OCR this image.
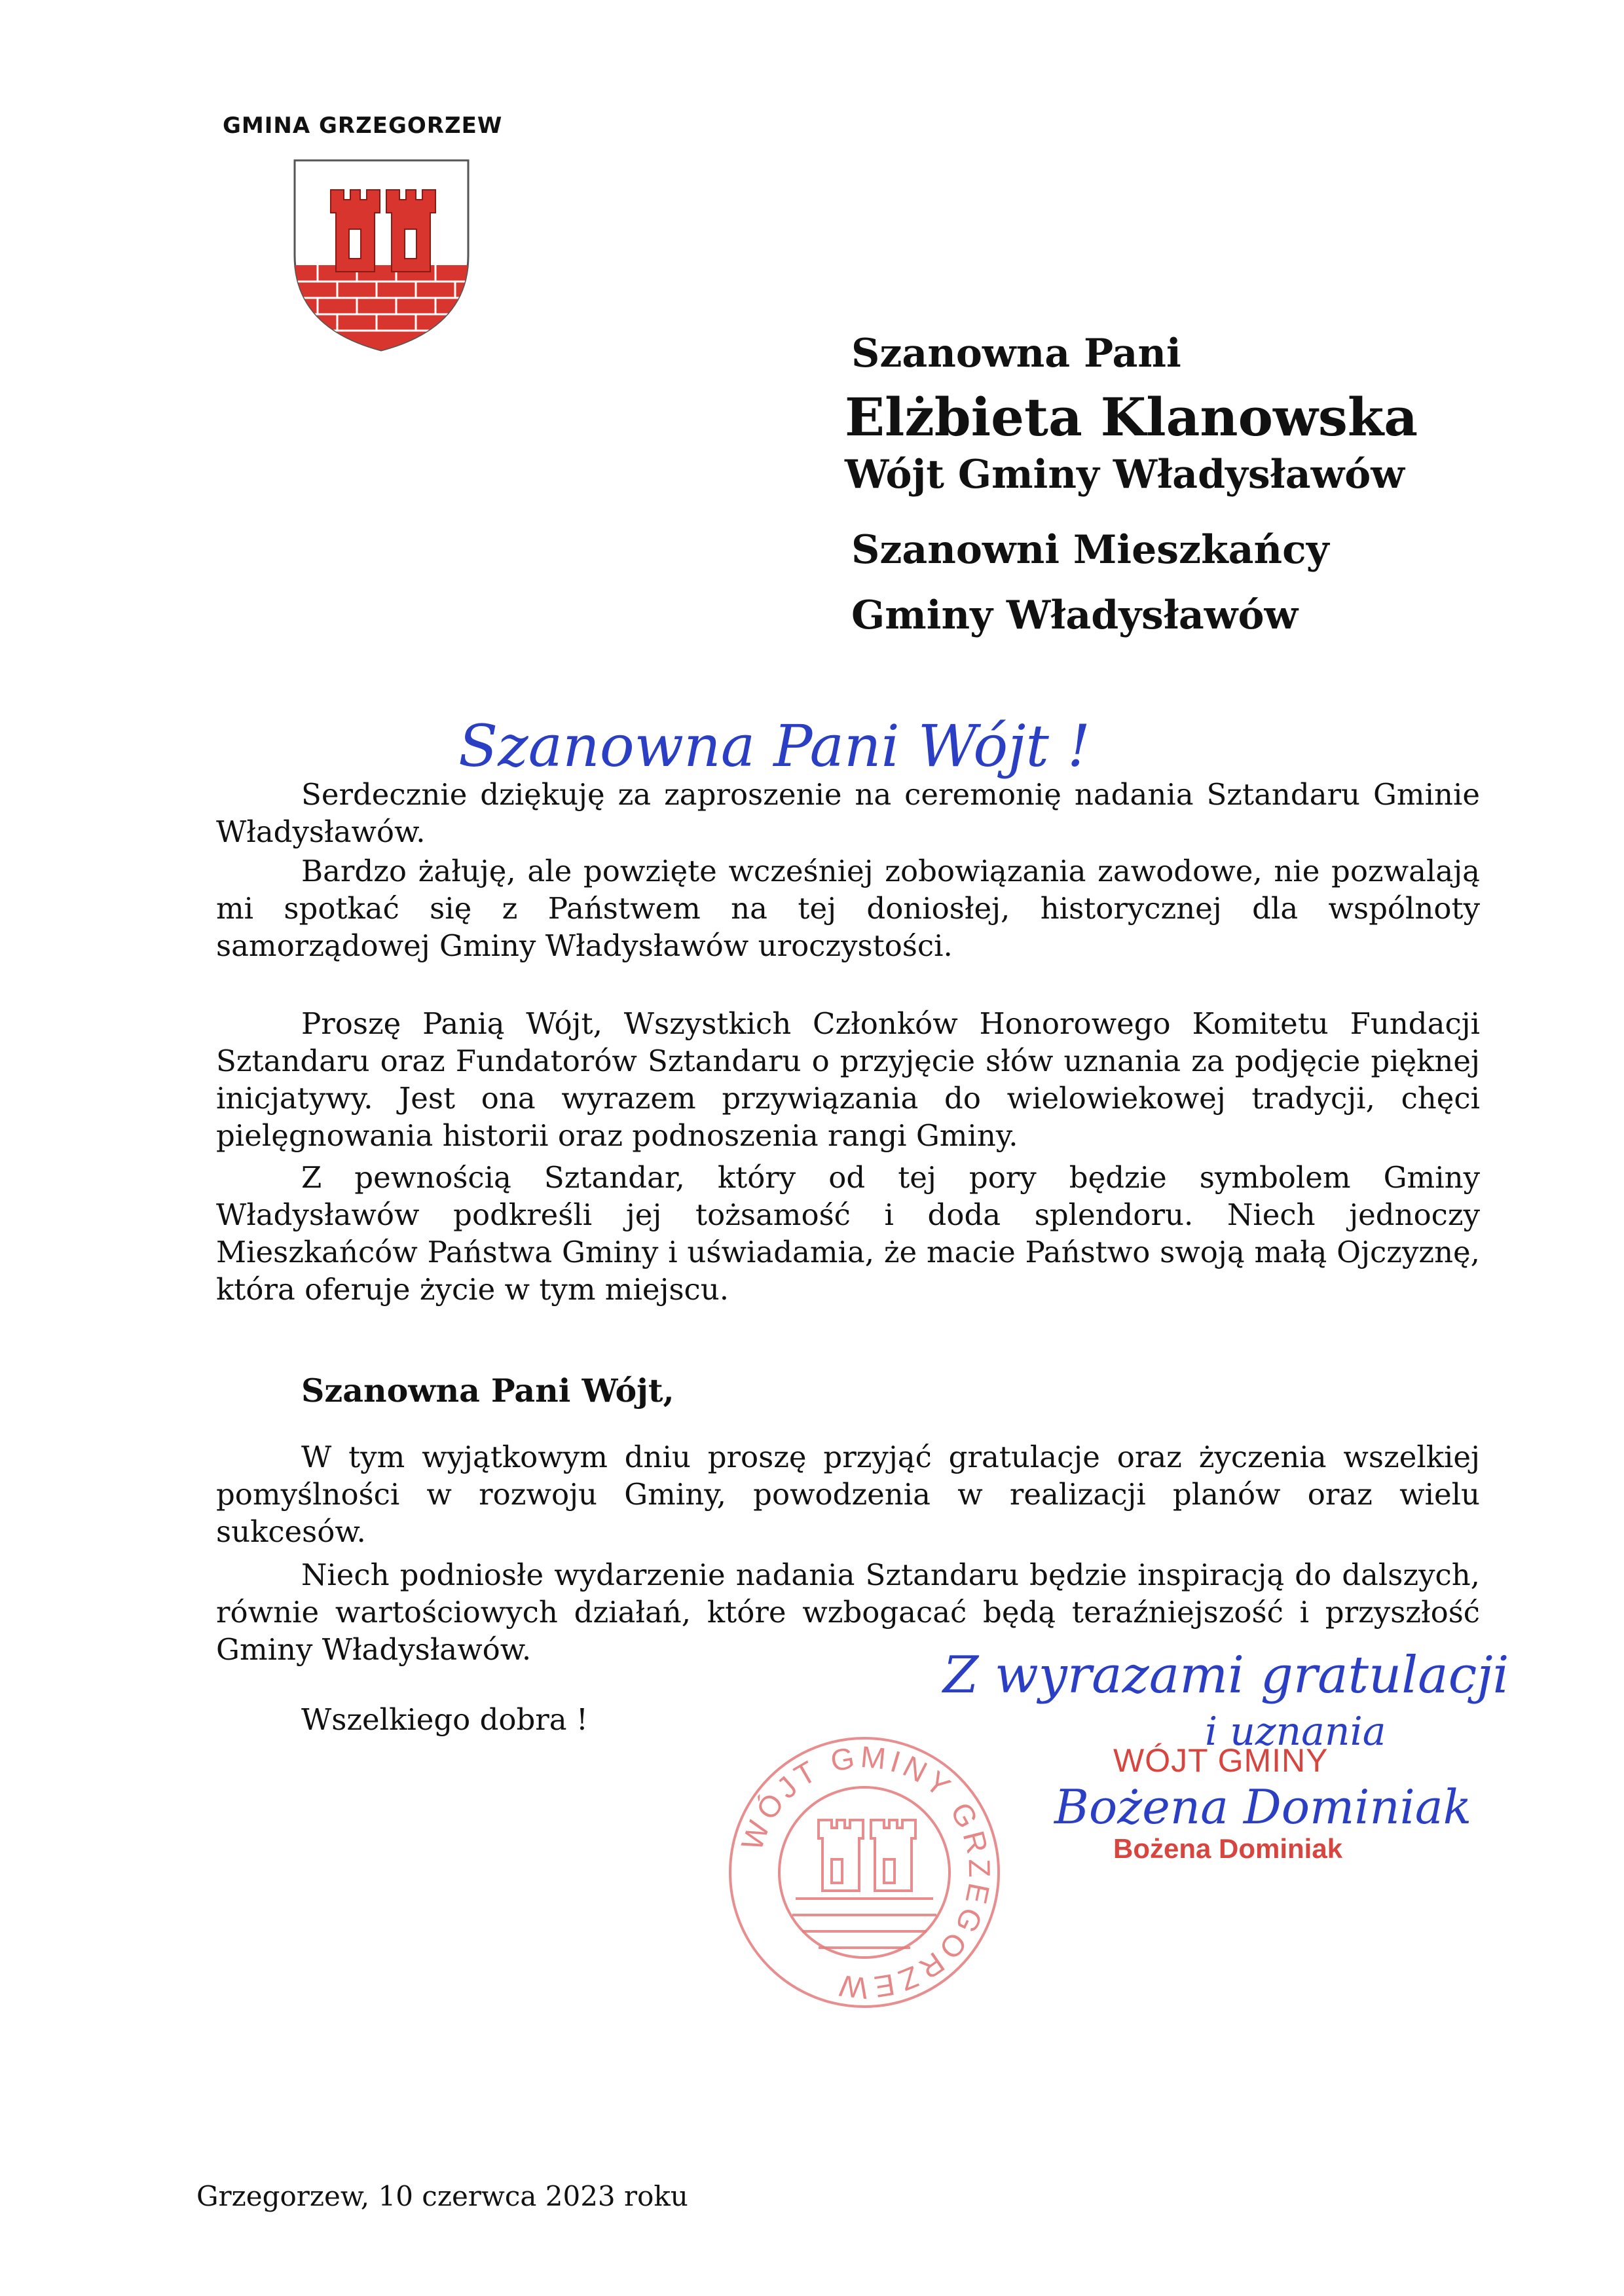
GMINA GRZEGORZEW
Szanowna Pani
Elżbieta Klanowska
Wójt Gminy Władysławów
Szanowni Mieszkańcy
Gminy Władysławów
Szanowna Pani Wójt !

Serdecznie dziękuję za zaproszenie na ceremonię nadania Sztandaru Gminie Władysławów.

Bardzo żałuję, ale powzięte wcześniej zobowiązania zawodowe, nie pozwalają mi spotkać się z Państwem na tej doniosłej, historycznej dla wspólnoty samorządowej Gminy Władysławów uroczystości.

Proszę Panią Wójt, Wszystkich Członków Honorowego Komitetu Fundacji Sztandaru oraz Fundatorów Sztandaru o przyjęcie słów uznania za podjęcie pięknej inicjatywy. Jest ona wyrazem przywiązania do wielowiekowej tradycji, chęci pielęgnowania historii oraz podnoszenia rangi Gminy.

Z pewnością Sztandar, który od tej pory będzie symbolem Gminy Władysławów podkreśli jej tożsamość i doda splendoru. Niech jednoczy Mieszkańców Państwa Gminy i uświadamia, że macie Państwo swoją małą Ojczyznę, która oferuje życie w tym miejscu.

Szanowna Pani Wójt,

W tym wyjątkowym dniu proszę przyjąć gratulacje oraz życzenia wszelkiej pomyślności w rozwoju Gminy, powodzenia w realizacji planów oraz wielu sukcesów.

Niech podniosłe wydarzenie nadania Sztandaru będzie inspiracją do dalszych, równie wartościowych działań, które wzbogacać będą teraźniejszość i przyszłość Gminy Władysławów.

Wszelkiego dobra !
Z wyrazami gratulacji
i uznania
WÓJT GMINY GRZEGORZEW
WÓJT GMINY
Bożena Dominiak
Bożena Dominiak
Grzegorzew, 10 czerwca 2023 roku
